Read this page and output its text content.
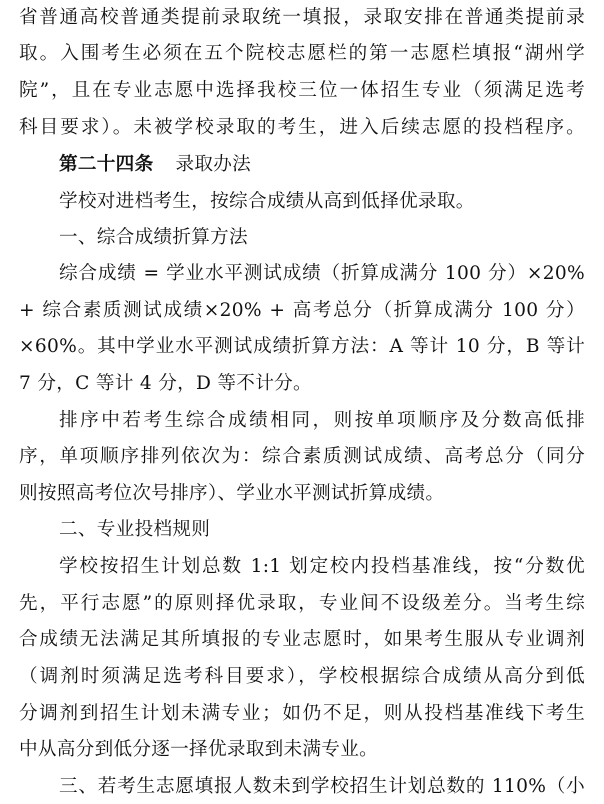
省普通高校普通类提前录取统一填报，录取安排在普通类提前录
取。入围考生必须在五个院校志愿栏的第一志愿栏填报“湖州学
院”，且在专业志愿中选择我校三位一体招生专业（须满足选考
科目要求）。未被学校录取的考生，进入后续志愿的投档程序。
第二十四条 录取办法
学校对进档考生，按综合成绩从高到低择优录取。
一、综合成绩折算方法
综合成绩 = 学业水平测试成绩（折算成满分 100 分）×20%
+ 综合素质测试成绩×20% + 高考总分（折算成满分 100 分）
×60%。其中学业水平测试成绩折算方法：A 等计 10 分，B 等计
7 分，C 等计 4 分，D 等不计分。
排序中若考生综合成绩相同，则按单项顺序及分数高低排
序，单项顺序排列依次为：综合素质测试成绩、高考总分（同分
则按照高考位次号排序）、学业水平测试折算成绩。
二、专业投档规则
学校按招生计划总数 1:1 划定校内投档基准线，按“分数优
先，平行志愿”的原则择优录取，专业间不设级差分。当考生综
合成绩无法满足其所填报的专业志愿时，如果考生服从专业调剂
（调剂时须满足选考科目要求），学校根据综合成绩从高分到低
分调剂到招生计划未满专业；如仍不足，则从投档基准线下考生
中从高分到低分逐一择优录取到未满专业。
三、若考生志愿填报人数未到学校招生计划总数的 110%（小
